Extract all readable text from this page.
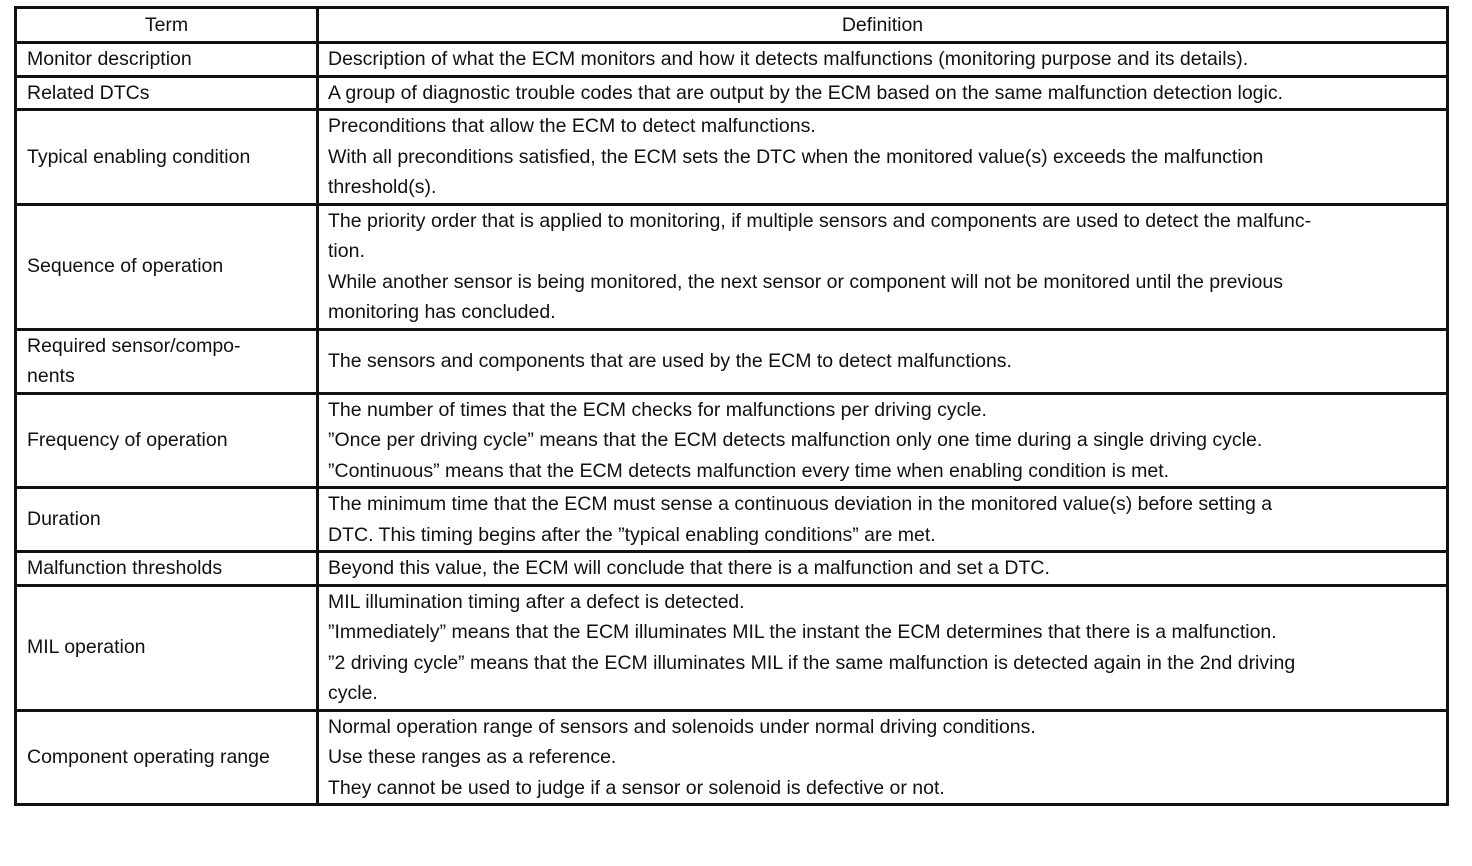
Term	Definition

Monitor description	Description of what the ECM monitors and how it detects malfunctions (monitoring purpose and its details).

Related DTCs	A group of diagnostic trouble codes that are output by the ECM based on the same malfunction detection logic.

Typical enabling condition	Preconditions that allow the ECM to detect malfunctions.
With all preconditions satisfied, the ECM sets the DTC when the monitored value(s) exceeds the malfunction
threshold(s).

Sequence of operation	The priority order that is applied to monitoring, if multiple sensors and components are used to detect the malfunc-
tion.
While another sensor is being monitored, the next sensor or component will not be monitored until the previous
monitoring has concluded.

Required sensor/compo-
nents	The sensors and components that are used by the ECM to detect malfunctions.

Frequency of operation	The number of times that the ECM checks for malfunctions per driving cycle.
”Once per driving cycle” means that the ECM detects malfunction only one time during a single driving cycle.
”Continuous” means that the ECM detects malfunction every time when enabling condition is met.

Duration	The minimum time that the ECM must sense a continuous deviation in the monitored value(s) before setting a
DTC. This timing begins after the ”typical enabling conditions” are met.

Malfunction thresholds	Beyond this value, the ECM will conclude that there is a malfunction and set a DTC.

MIL operation	MIL illumination timing after a defect is detected.
”Immediately” means that the ECM illuminates MIL the instant the ECM determines that there is a malfunction.
”2 driving cycle” means that the ECM illuminates MIL if the same malfunction is detected again in the 2nd driving
cycle.

Component operating range	Normal operation range of sensors and solenoids under normal driving conditions.
Use these ranges as a reference.
They cannot be used to judge if a sensor or solenoid is defective or not.
